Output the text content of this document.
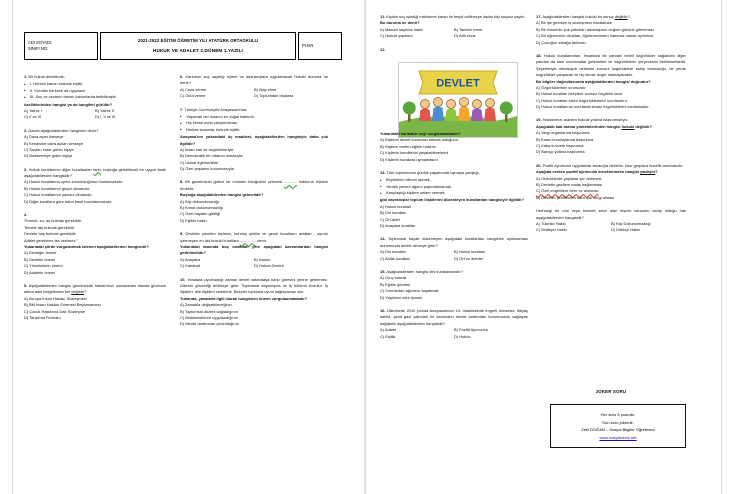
ADI SOYADI:
SINIFI NO:
2021-2022 EĞİTİM ÖĞRETİM YILI ATATÜRK ORTAOKULU
HUKUK VE ADALET 2.DÖNEM 1.YAZILI
PUAN
DEVLET
1. Bir hukuk devletinde;
• I. Herkes kanun önünde eşittir.
• II. Kurallar herkese ait uygulanır.
• III. Suç ve cezanın tanımı kanunlarda belirtilmiştir.
özelliklerinden hangisi ya da hangileri görülür?
A) Yalnız I	B) Yalnız II
C) II ve III	D) I, II ve III
2. Davalı aşağıdakilerden hangisine denir?
A) Dava açan kimseye
B) Kendisine dava açılan kimseye
C) Suçtan zarar gören kişiye
D) Mahkemeye giden kişiye
3. Hukuk kurallarının diğer kurallardan farkı; boşluğa gelebilecek en uygun ifade aşağıdakilerden hangisidir?
A) Hukuk kurallarına uyma zorunluluğunun bulunmasıdır.
B) Hukuk kurallarının geçici olmasıdır.
C) Hukuk kurallarının yazısız olmasıdır.
D) Diğer kurallara göre daha basit hazırlanmasıdır.
4.
"Evmek, su, aş bulmak gereklidir.
Temele taş bulmak gereklidir.
Devlete baş bulmak gereklidir.
Adalet gerekmez ise verilmez."
Yukarıdaki şiirde vurgulanmak istenen aşağıdakilerden hangisidir?
A) Ekmeğin önemi
B) Devletin önemi
C) Yöneticilerin önemi
D) Adaletin önemi
5. Aşağıdakilerden hangisi günümüzde haklarımızı uluslararası alanda güvence altına alan belgelerden biri değildir?
A) Avrupa İnsan Hakları Sözleşmesi
B) BM İnsan Hakları Evrensel Beyannamesi
C) Çocuk Haklarına Dair Sözleşme
D) Tanzimat Fermanı
6. Kanunun suç saydığı eylem ve davranışlara uygulanacak hukuki duruma ne denir?
A) Ceza verme	B) Alay etme
C) Ödül verme	D) Toplumdan dışlama
7. Türkiye Cumhuriyeti Anayasası'nda;
• Yaşamak her insanın en doğal hakkıdır.
• Hiç kimse zorla çalıştırılamaz.
• Herkes kanunlar önünde eşittir.
Anayasa'nın yukarıdaki üç maddesi, aşağıdakilerden hangisiyle daha çok ilgilidir?
A) İnsan hak ve özgürlükleriyle
B) Demokratik bir ortamın olmasıyla
C) Ulusal egemenlikle
D) Özel yaşamın korunmasıyla
8. Bir gazetecinin gizlice bir ünlünün fotoğrafını çekmesi ............ hakkının ihlaline örnektir.
Boşluğa aşağıdakilerden hangisi gelmelidir?
A) Kişi dokunulmazlığı
B) Konut dokunulmazlığı
C) Özel hayatın gizliliği
D) Eğitim hakkı
9. Devletin yönetim biçimini, kuruluş şeklini ve genel kuralların anlatan , ayrıntı içermeyen en üst hukuki kurallara ............... denir.
Yukarıdaki tanımda boş bırakılan yere aşağıdaki kavramlardan hangisi getirilmelidir?
A) Anayasa	B) Kanun
C) Kabahat	D) Hukuk Devleti
10. Yasalara uyulmadığı zaman devlet vatandaşa karşı görevini yerine getiremez. Ülkenin güvenliği tehlikeye girer. Toplumsal dayanışma ve iş bölümü bozulur. İş ilişkileri, aile ilişkileri zedelenir. Bireyler toplumla uyum sağlayamaz olur.
Yukarıda, yasalarla ilgili olarak hangisinin önemi vurgulanmaktadır?
A) Zamanla değişebileceğinin
B) Toplumsal düzeni sağladığının
C) Mahkemelerce uygulandığının
D) Meclis tarafından çıkarıldığının
11. Kişinin suç işlediği mahkeme kararı ile tespit edilinceye kadar kişi suçsuz sayılır.
Bu duruma ne denir?
A) Masum sayılma hakkı	B) Tanıklık etme
C) Hukuki yaptırım	D) Adil ceza
12.
Yukarıdaki karikatür neyi vurgulamaktadır?
A) Kişilerin devlet koruması altında olduğunu
B) Kişilere verilen eğitim hakkını
C) Kişilerin kendilerini yaşatabilmelerini
D) Kişilerin kurallara uymamasını
13. Türk toplumunun günlük yaşamında uymaya çalıştığı;
• Büyüklerin ellerini öpmek,
• Yemek yerken ağzını şapırdatmamak,
• Karşılaştığı kişilere selam vermek
gibi davranışlar toplum ilişkilerini düzenleyen kurallardan hangisiyle ilgilidir?
A) Hukuk kuralları
B) Din kuralları
C) Örf-âdet
D) Anayasa kuralları
14. Toplumsal hayatı düzenleyen aşağıdaki kurallardan hangisine uyulmaması durumunda devlet devreye girer?
A) Din kuralları	B) Hukuk kuralları
C) Ahlâk kuralları	D) Örf ve âdetler
15. Aşağıdakilerden hangisi dini kurallardandır?
A) Oruç tutmak
B) Eğitim görmek
C) Sınırlardan ağzımızı kapatmak
D) Yaşlıların elini öpmek
16. Ülkemizde 2010 yılında Anayasamızın 10. maddesinde engelli, kimsesiz, ihtiyaç sahibi, şehit gazi yakınları ile kadınların devlet tarafından korunmasını sağlayan değişiklik aşağıdakilerden hangisidir?
A) Adalet	B) Pozitif Ayrımcılık
C) Eşitlik	D) Hukuk
17. Aşağıdakilerden hangisi hukuki bir sonuç değildir?
A) Bir işe girerken iş sözleşmesi imzalamak
B) Bir kimsenin çok yakınları arkadaşının doğum gününe gitmemesi
C) Bir öğrencinin okuldan, öğretmeninden habersiz olarak ayrılması
D) Çocuğun sokağa atılması
18. Hukuk kurallarından, İnsanlara bir yandan belirli özgürlükler sağlarken diğer yandan da bazı sınırlamalar getirmekte ve özgürlüklerin çerçevesini belirlemektedir. Şeyerleriyle olmasaydı herkesin sınırsız özgürlüklere sahip bulunduğu, bir yerde özgürlükler çatışacak ve hiç kimse özgür olamayacaktır.
Bu bilgiler doğrultusunda aşağıdakilerden hangisi doğrudur?
A) Özgürlüklerinin sınırsızdır.
B) Hukuk kuralları bireylere sınırsız özgürlük tanır.
C) Hukuk kuralları bizim özgürlüklerimizi sınırlandırır.
D) Hukuk kurallarının sınırlandırılması özgürlüklerini kısıtlamaktır.
19. Haklarımızı ararken hukuki yollara başvurmalıyız.
Aşağıdaki hak arama yöntemlerinden hangisi hukuki değildir?
A) Yargı organlarına başvurma
B) Kamu kuruluşlarına başvurma
C) Kaba kuvvete başvurma
D) Barışçı yollara başvurma
20. Pozitif ayrımcılık uygulamak amacıyla devletin, bazı gruplara öncelik tanımasıdır.
Aşağıda verilen pozitif ayrımcılık örneklerinden hangisi yanlıştır?
A) Otobüslerde yaşlılara yer verilmesi
B) Devletin gazilere maaş bağlanması
C) Özel engellilere birer ev alınması
D) Devletin şehitlerden dara çok vergi alması
Herhangi bir mal veya hizmeti satın alan kişinin kanunen sahip olduğu hak aşağıdakilerden hangisidir?
A) Tüketici Hakkı	B) Kişi Dokunulmazlığı
C) Mülkiyet Hakkı	D) Dilekçe Hakkı
JOKER SORU
Her soru 5 puandır.
Son soru jokerdir.
Zeki DOĞAN – Sosyal Bilgiler Öğretmeni
www.sosyalcimiz.net
